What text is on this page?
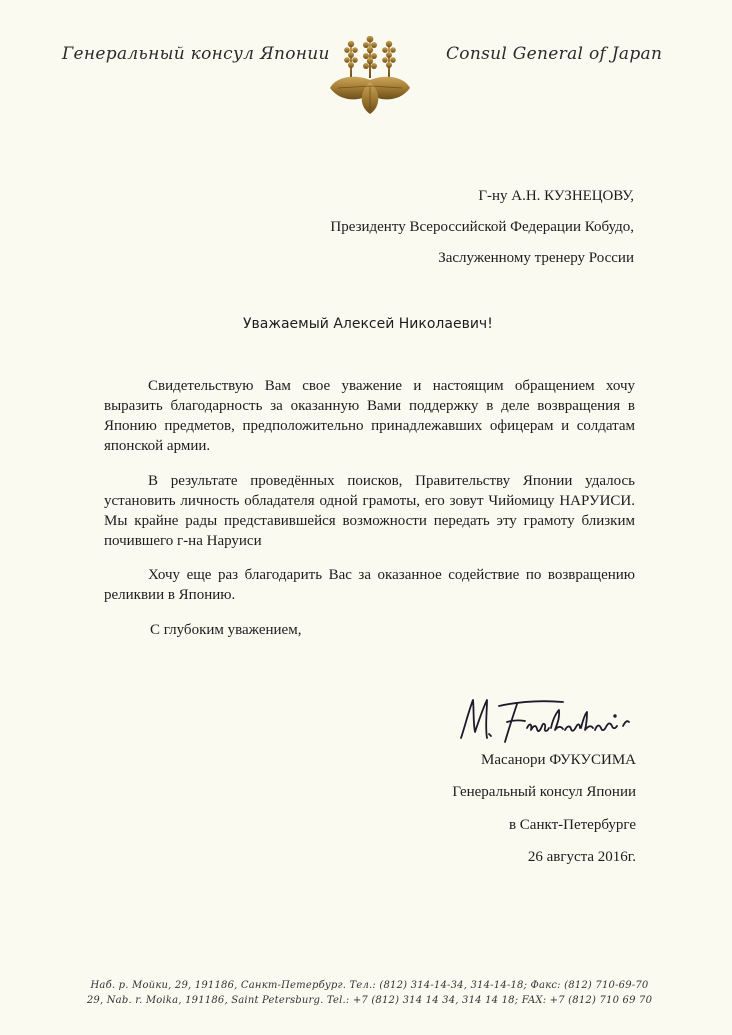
Генеральный консул Японии	Consul General of Japan
Г-ну А.Н. КУЗНЕЦОВУ,
Президенту Всероссийской Федерации Кобудо,
Заслуженному тренеру России
Уважаемый Алексей Николаевич!
Свидетельствую Вам свое уважение и настоящим обращением хочу выразить благодарность за оказанную Вами поддержку в деле возвращения в Японию предметов, предположительно принадлежавших офицерам и солдатам японской армии.
В результате проведённых поисков, Правительству Японии удалось установить личность обладателя одной грамоты, его зовут Чийомицу НАРУИСИ. Мы крайне рады представившейся возможности передать эту грамоту близким почившего г-на Наруиси
Хочу еще раз благодарить Вас за оказанное содействие по возвращению реликвии в Японию.
С глубоким уважением,
Масанори ФУКУСИМА
Генеральный консул Японии
в Санкт-Петербурге
26 августа 2016г.
Наб. р. Мойки, 29, 191186, Санкт-Петербург. Тел.: (812) 314-14-34, 314-14-18; Факс: (812) 710-69-70
29, Nab. r. Moika, 191186, Saint Petersburg. Tel.: +7 (812) 314 14 34, 314 14 18; FAX: +7 (812) 710 69 70
